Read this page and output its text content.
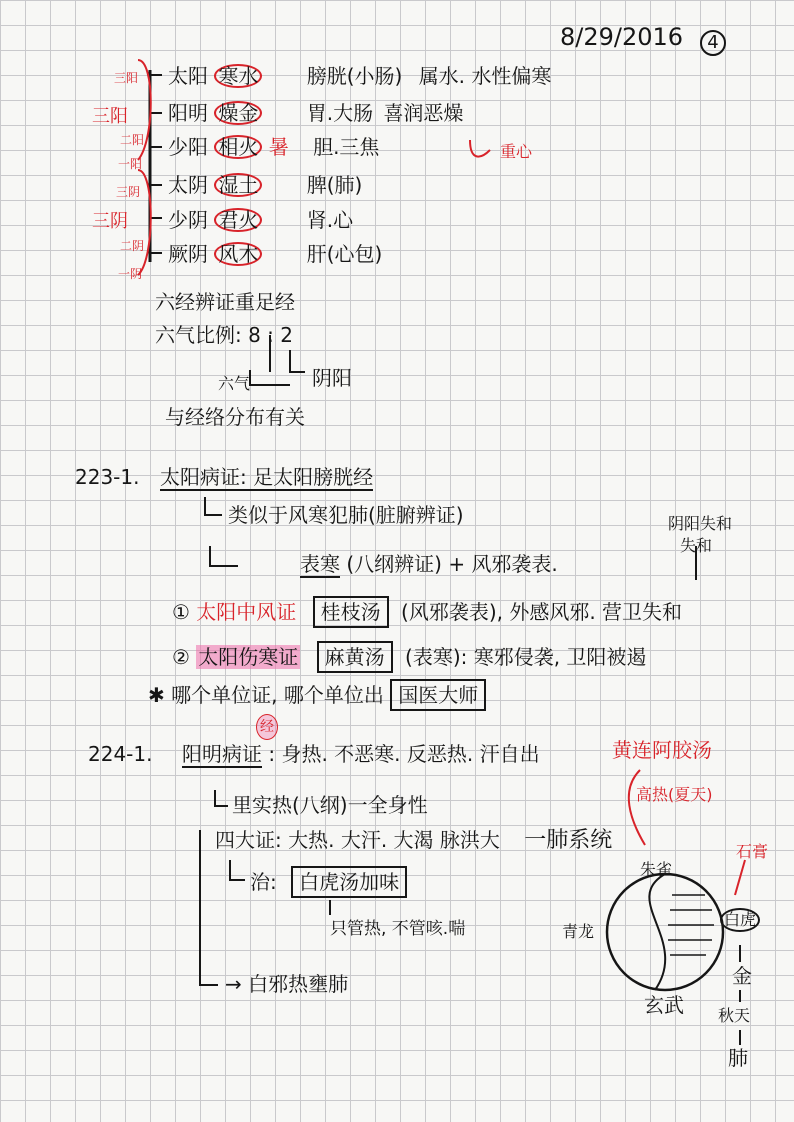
8/29/2016	4
三阳
三阳
二阳
一阳
三阴
三阴
二阴
一阴
太阳 寒水 膀胱(小肠) 属水. 水性偏寒
阳明 燥金 胃.大肠 喜润恶燥
少阳 相火 暑 胆.三焦	重心
太阴 湿土 脾(肺)
少阴 君火 肾.心
厥阴 风木 肝(心包)
六经辨证重足经
六气比例: 8 : 2
六气	阴阳
与经络分布有关
223-1. 太阳病证: 足太阳膀胱经
类似于风寒犯肺(脏腑辨证)
表寒 (八纲辨证) + 风邪袭表.
阴阳失和
失和
① 太阳中风证 桂枝汤 (风邪袭表), 外感风邪. 营卫失和
② 太阳伤寒证 麻黄汤 (表寒): 寒邪侵袭, 卫阳被遏
✱ 哪个单位证, 哪个单位出 国医大师
224-1. 阳明病证 : 身热. 不恶寒. 反恶热. 汗自出
经
黄连阿胶汤
高热(夏天)
里实热(八纲)一全身性
四大证: 大热. 大汗. 大渴 脉洪大 一肺系统
治: 白虎汤加味
只管热, 不管咳.喘
→ 白邪热壅肺
朱雀
青龙
玄武
白虎
石膏
金
秋天
肺
